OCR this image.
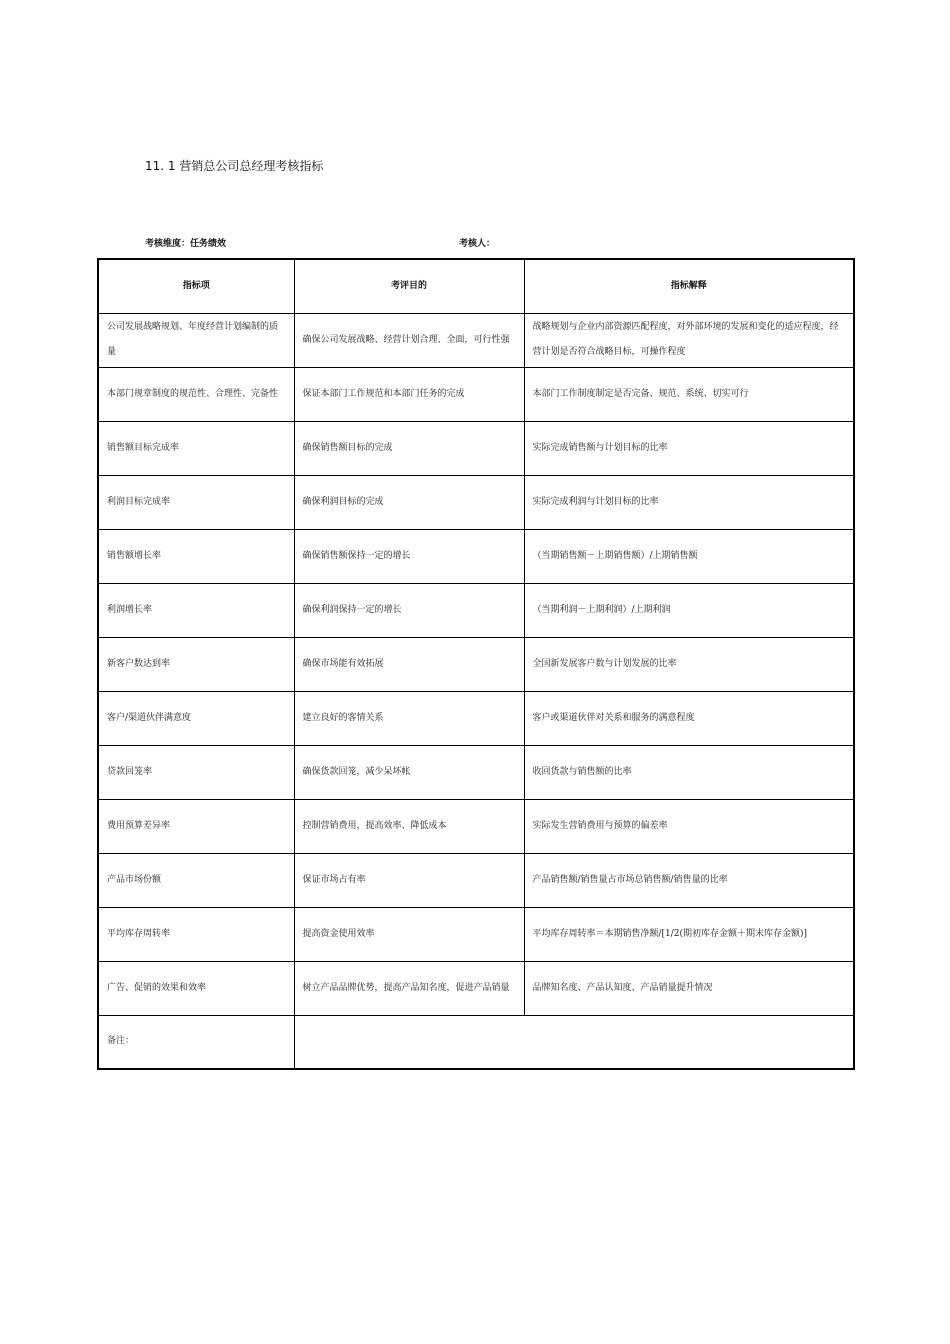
11. 1 营销总公司总经理考核指标
考核维度：任务绩效	考核人：
指标项	考评目的	指标解释
公司发展战略规划、年度经营计划编制的质量	确保公司发展战略、经营计划合理、全面，可行性强	战略规划与企业内部资源匹配程度，对外部环境的发展和变化的适应程度，经营计划是否符合战略目标，可操作程度
本部门规章制度的规范性、合理性、完备性	保证本部门工作规范和本部门任务的完成	本部门工作制度制定是否完备、规范、系统、切实可行
销售额目标完成率	确保销售额目标的完成	实际完成销售额与计划目标的比率
利润目标完成率	确保利润目标的完成	实际完成利润与计划目标的比率
销售额增长率	确保销售额保持一定的增长	（当期销售额－上期销售额）/上期销售额
利润增长率	确保利润保持一定的增长	（当期利润－上期利润）/上期利润
新客户数达到率	确保市场能有效拓展	全国新发展客户数与计划发展的比率
客户/渠道伙伴满意度	建立良好的客情关系	客户或渠道伙伴对关系和服务的满意程度
贷款回笼率	确保货款回笼，减少呆坏帐	收回货款与销售额的比率
费用预算差异率	控制营销费用，提高效率、降低成本	实际发生营销费用与预算的偏差率
产品市场份额	保证市场占有率	产品销售额/销售量占市场总销售额/销售量的比率
平均库存周转率	提高资金使用效率	平均库存周转率＝本期销售净额/[1/2(期初库存金额＋期末库存金额)]
广告、促销的效果和效率	树立产品品牌优势，提高产品知名度，促进产品销量	品牌知名度、产品认知度、产品销量提升情况
备注：		
